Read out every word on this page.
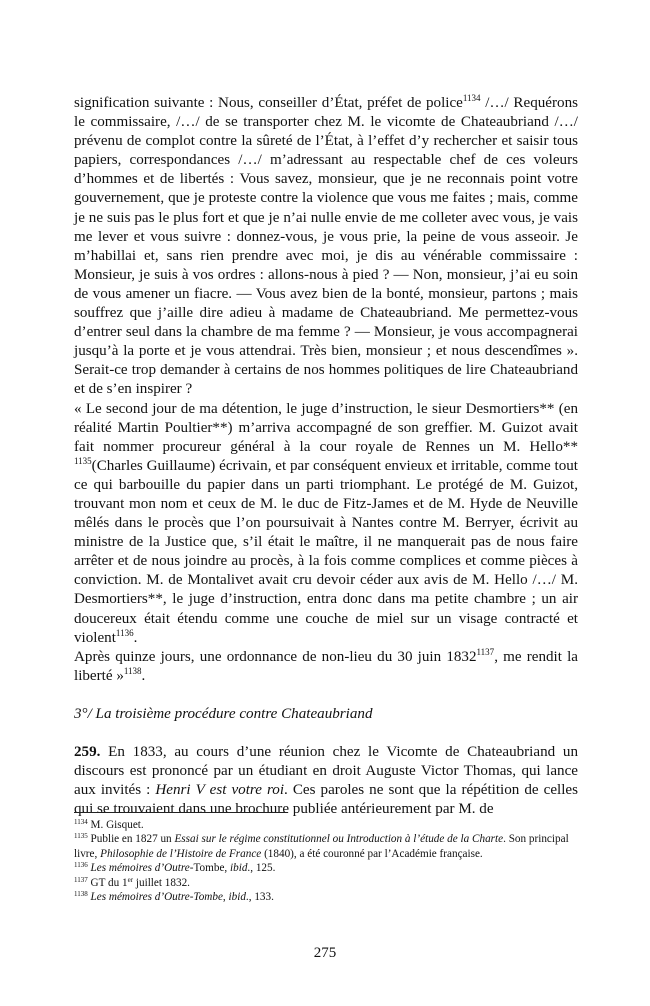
signification suivante : Nous, conseiller d’État, préfet de police$^{1134}$ /…/ Requérons le commissaire, /…/ de se transporter chez M. le vicomte de Chateaubriand /…/ prévenu de complot contre la sûreté de l’État, à l’effet d’y rechercher et saisir tous papiers, correspondances /…/ m’adressant au respectable chef de ces voleurs d’hommes et de libertés : Vous savez, monsieur, que je ne reconnais point votre gouvernement, que je proteste contre la violence que vous me faites ; mais, comme je ne suis pas le plus fort et que je n’ai nulle envie de me colleter avec vous, je vais me lever et vous suivre : donnez-vous, je vous prie, la peine de vous asseoir. Je m’habillai et, sans rien prendre avec moi, je dis au vénérable commissaire : Monsieur, je suis à vos ordres : allons-nous à pied ? — Non, monsieur, j’ai eu soin de vous amener un fiacre. — Vous avez bien de la bonté, monsieur, partons ; mais souffrez que j’aille dire adieu à madame de Chateaubriand. Me permettez-vous d’entrer seul dans la chambre de ma femme ? — Monsieur, je vous accompagnerai jusqu’à la porte et je vous attendrai. Très bien, monsieur ; et nous descendîmes ». Serait-ce trop demander à certains de nos hommes politiques de lire Chateaubriand et de s’en inspirer ?

« Le second jour de ma détention, le juge d’instruction, le sieur Desmortiers** (en réalité Martin Poultier**) m’arriva accompagné de son greffier. M. Guizot avait fait nommer procureur général à la cour royale de Rennes un M. Hello** $^{1135}$(Charles Guillaume) écrivain, et par conséquent envieux et irritable, comme tout ce qui barbouille du papier dans un parti triomphant. Le protégé de M. Guizot, trouvant mon nom et ceux de M. le duc de Fitz-James et de M. Hyde de Neuville mêlés dans le procès que l’on poursuivait à Nantes contre M. Berryer, écrivit au ministre de la Justice que, s’il était le maître, il ne manquerait pas de nous faire arrêter et de nous joindre au procès, à la fois comme complices et comme pièces à conviction. M. de Montalivet avait cru devoir céder aux avis de M. Hello /…/ M. Desmortiers**, le juge d’instruction, entra donc dans ma petite chambre ; un air doucereux était étendu comme une couche de miel sur un visage contracté et violent$^{1136}$.

Après quinze jours, une ordonnance de non-lieu du 30 juin $1832^{1137}$, me rendit la liberté »$^{1138}$.

3°/ La troisième procédure contre Chateaubriand

259. En 1833, au cours d’une réunion chez le Vicomte de Chateaubriand un discours est prononcé par un étudiant en droit Auguste Victor Thomas, qui lance aux invités : Henri V est votre roi. Ces paroles ne sont que la répétition de celles qui se trouvaient dans une brochure publiée antérieurement par M. de

$^{1134}$ M. Gisquet.
$^{1135}$ Publie en 1827 un Essai sur le régime constitutionnel ou Introduction à l’étude de la Charte. Son principal livre, Philosophie de l’Histoire de France (1840), a été couronné par l’Académie française.
$^{1136}$ Les mémoires d’Outre-Tombe, ibid., 125.
$^{1137}$ GT du 1er juillet 1832.
$^{1138}$ Les mémoires d’Outre-Tombe, ibid., 133.
275
